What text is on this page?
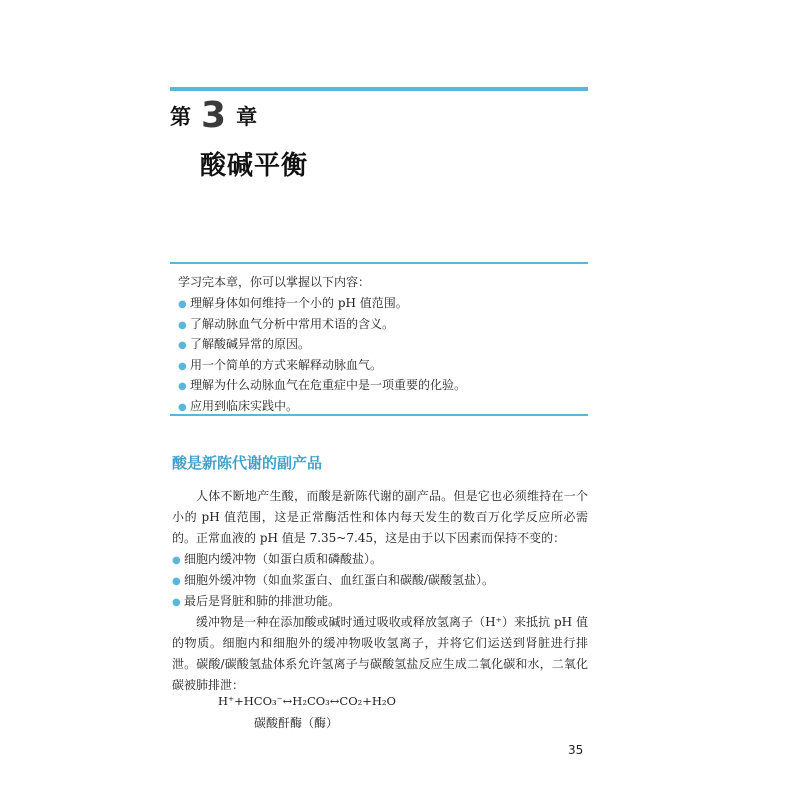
第 3 章
酸碱平衡
学习完本章，你可以掌握以下内容：
● 理解身体如何维持一个小的 pH 值范围。
● 了解动脉血气分析中常用术语的含义。
● 了解酸碱异常的原因。
● 用一个简单的方式来解释动脉血气。
● 理解为什么动脉血气在危重症中是一项重要的化验。
● 应用到临床实践中。
酸是新陈代谢的副产品

人体不断地产生酸，而酸是新陈代谢的副产品。但是它也必须维持在一个小的 pH 值范围，这是正常酶活性和体内每天发生的数百万化学反应所必需的。正常血液的 pH 值是 7.35~7.45，这是由于以下因素而保持不变的：

● 细胞内缓冲物（如蛋白质和磷酸盐）。
● 细胞外缓冲物（如血浆蛋白、血红蛋白和碳酸/碳酸氢盐）。
● 最后是肾脏和肺的排泄功能。

缓冲物是一种在添加酸或碱时通过吸收或释放氢离子（H⁺）来抵抗 pH 值的物质。细胞内和细胞外的缓冲物吸收氢离子，并将它们运送到肾脏进行排泄。碳酸/碳酸氢盐体系允许氢离子与碳酸氢盐反应生成二氧化碳和水，二氧化碳被肺排泄：

H⁺+HCO₃⁻↔H₂CO₃↔CO₂+H₂O
碳酸酐酶（酶）
35
